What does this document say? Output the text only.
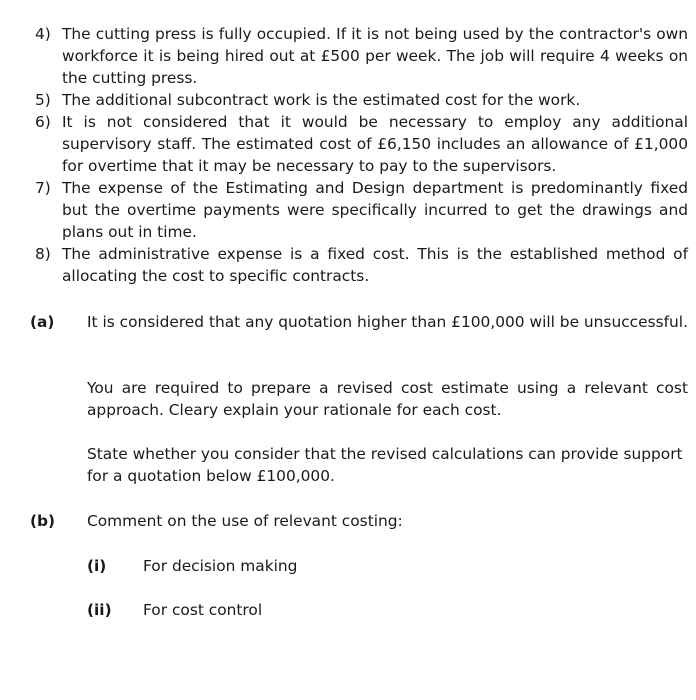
4) The cutting press is fully occupied. If it is not being used by the contractor's own workforce it is being hired out at £500 per week. The job will require 4 weeks on the cutting press.
5) The additional subcontract work is the estimated cost for the work.
6) It is not considered that it would be necessary to employ any additional supervisory staff. The estimated cost of £6,150 includes an allowance of £1,000 for overtime that it may be necessary to pay to the supervisors.
7) The expense of the Estimating and Design department is predominantly fixed but the overtime payments were specifically incurred to get the drawings and plans out in time.
8) The administrative expense is a fixed cost. This is the established method of allocating the cost to specific contracts.
(a) It is considered that any quotation higher than £100,000 will be unsuccessful.
You are required to prepare a revised cost estimate using a relevant cost approach. Cleary explain your rationale for each cost.
State whether you consider that the revised calculations can provide support for a quotation below £100,000.
(b) Comment on the use of relevant costing:
(i) For decision making
(ii) For cost control
